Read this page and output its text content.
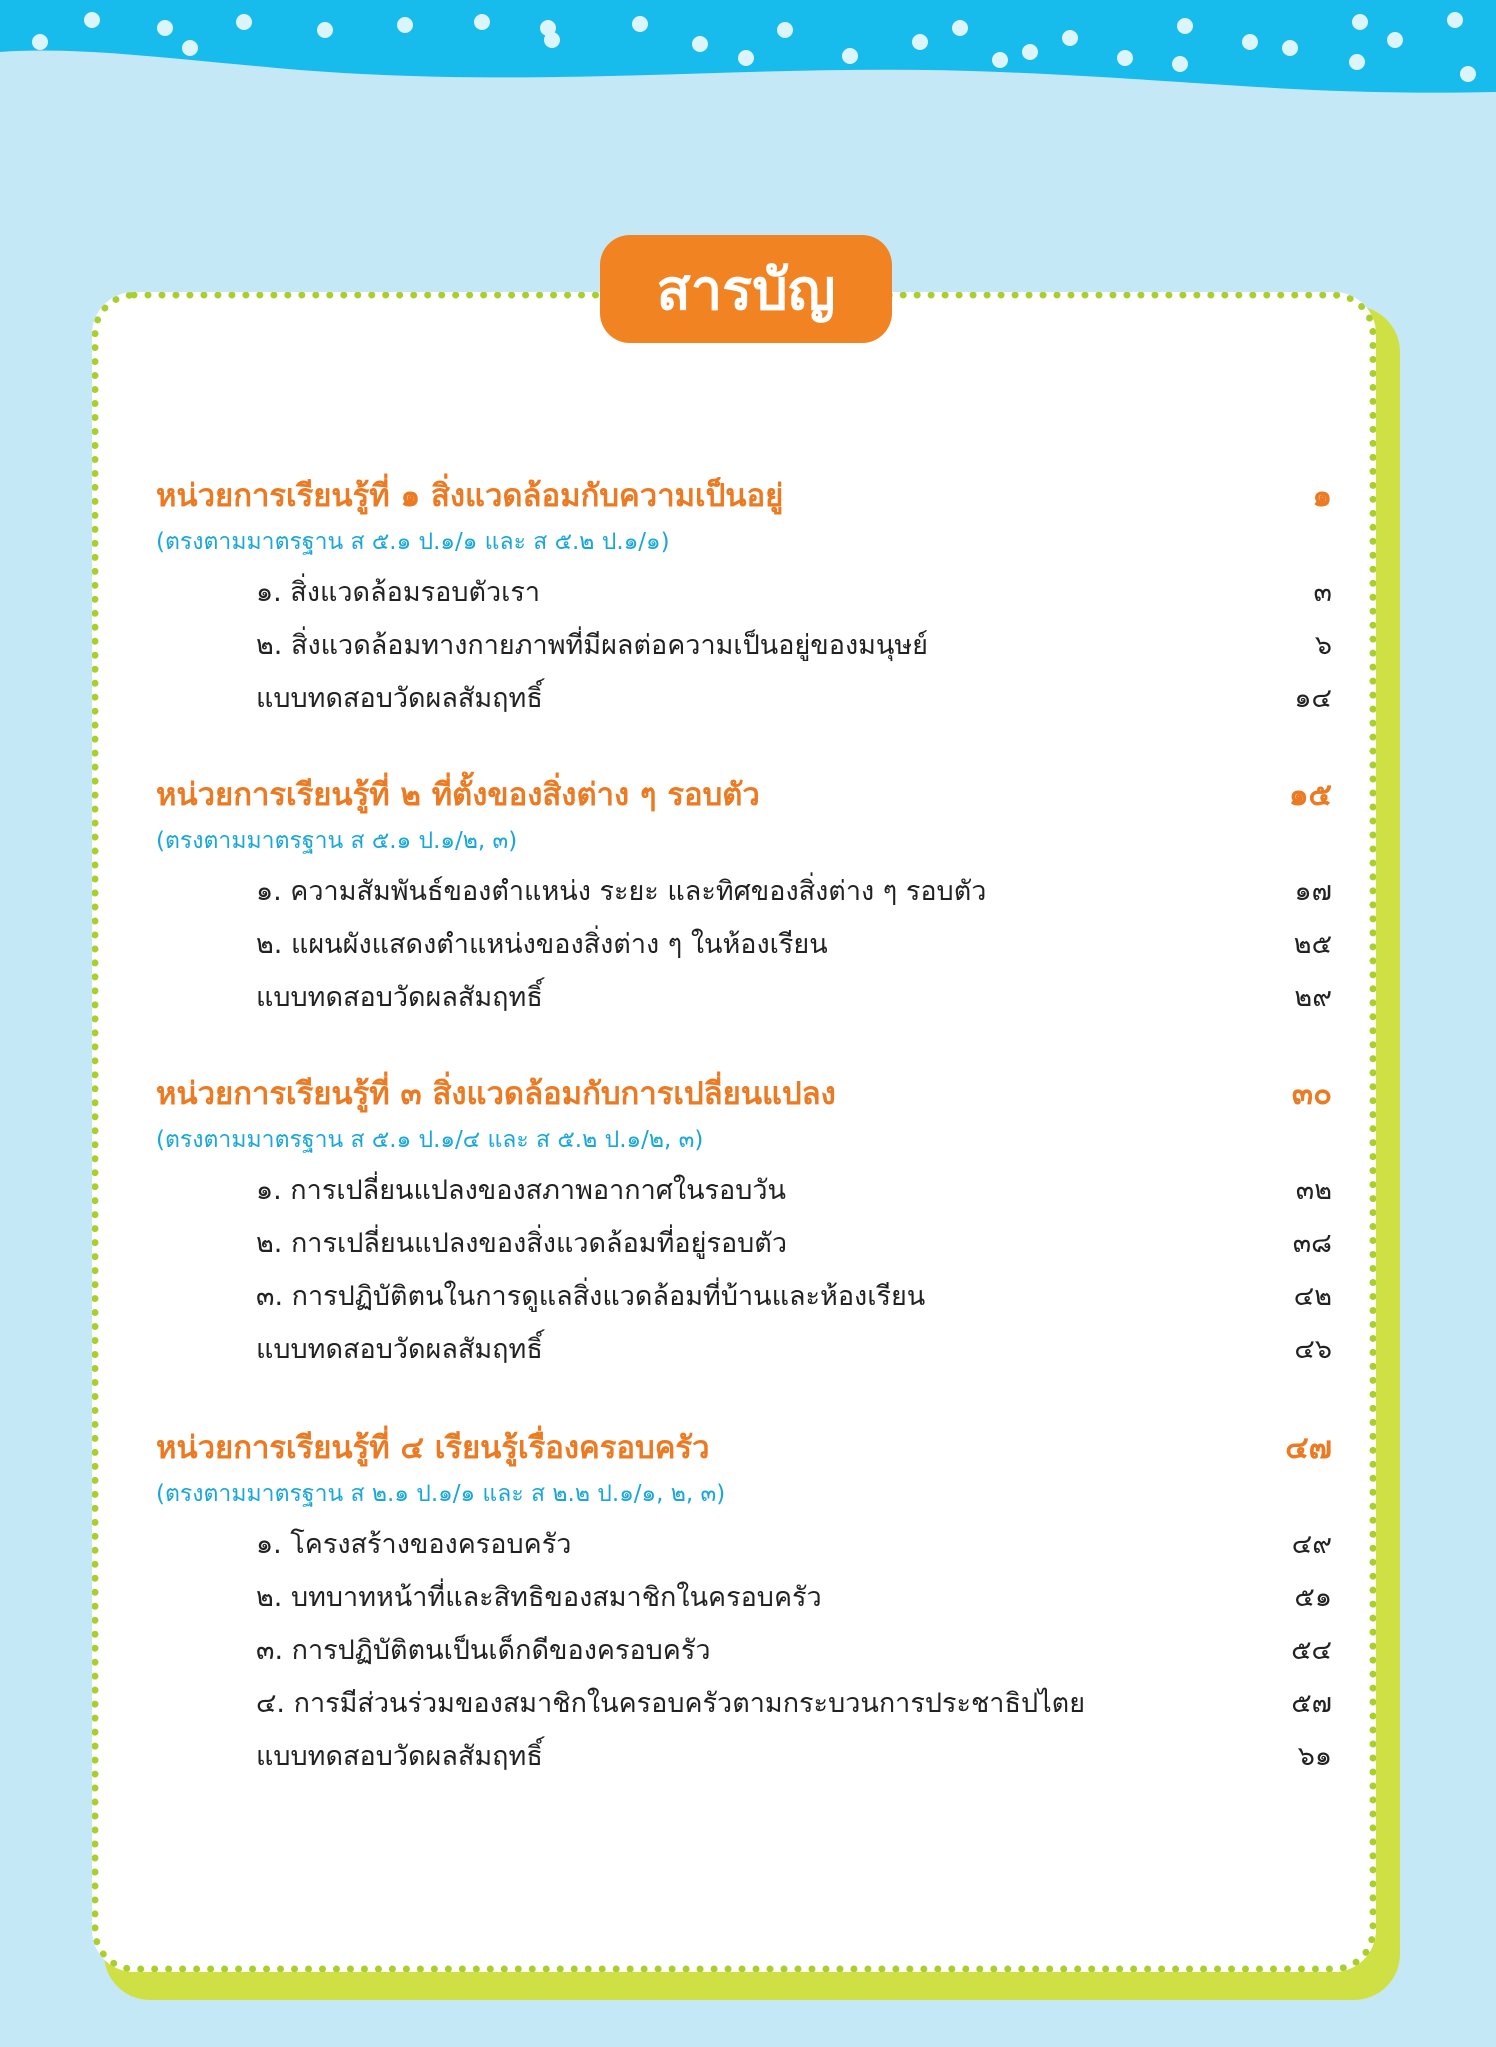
สารบัญ
หน่วยการเรียนรู้ที่ ๑ สิ่งแวดล้อมกับความเป็นอยู่	๑
(ตรงตามมาตรฐาน ส ๕.๑ ป.๑/๑ และ ส ๕.๒ ป.๑/๑)
๑. สิ่งแวดล้อมรอบตัวเรา	๓
๒. สิ่งแวดล้อมทางกายภาพที่มีผลต่อความเป็นอยู่ของมนุษย์	๖
แบบทดสอบวัดผลสัมฤทธิ์	๑๔
หน่วยการเรียนรู้ที่ ๒ ที่ตั้งของสิ่งต่าง ๆ รอบตัว	๑๕
(ตรงตามมาตรฐาน ส ๕.๑ ป.๑/๒, ๓)
๑. ความสัมพันธ์ของตำแหน่ง ระยะ และทิศของสิ่งต่าง ๆ รอบตัว	๑๗
๒. แผนผังแสดงตำแหน่งของสิ่งต่าง ๆ ในห้องเรียน	๒๕
แบบทดสอบวัดผลสัมฤทธิ์	๒๙
หน่วยการเรียนรู้ที่ ๓ สิ่งแวดล้อมกับการเปลี่ยนแปลง	๓๐
(ตรงตามมาตรฐาน ส ๕.๑ ป.๑/๔ และ ส ๕.๒ ป.๑/๒, ๓)
๑. การเปลี่ยนแปลงของสภาพอากาศในรอบวัน	๓๒
๒. การเปลี่ยนแปลงของสิ่งแวดล้อมที่อยู่รอบตัว	๓๘
๓. การปฏิบัติตนในการดูแลสิ่งแวดล้อมที่บ้านและห้องเรียน	๔๒
แบบทดสอบวัดผลสัมฤทธิ์	๔๖
หน่วยการเรียนรู้ที่ ๔ เรียนรู้เรื่องครอบครัว	๔๗
(ตรงตามมาตรฐาน ส ๒.๑ ป.๑/๑ และ ส ๒.๒ ป.๑/๑, ๒, ๓)
๑. โครงสร้างของครอบครัว	๔๙
๒. บทบาทหน้าที่และสิทธิของสมาชิกในครอบครัว	๕๑
๓. การปฏิบัติตนเป็นเด็กดีของครอบครัว	๕๔
๔. การมีส่วนร่วมของสมาชิกในครอบครัวตามกระบวนการประชาธิปไตย	๕๗
แบบทดสอบวัดผลสัมฤทธิ์	๖๑
